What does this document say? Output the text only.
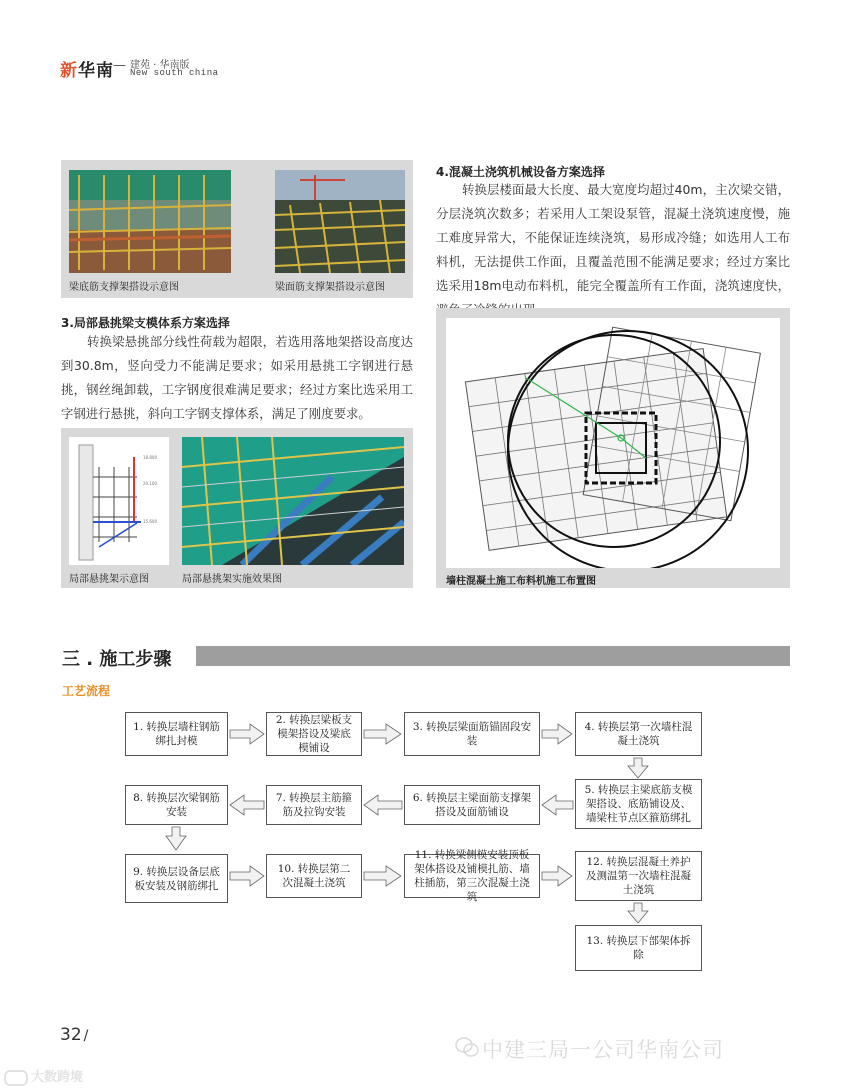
新华南 — 建苑 · 华南版
New south china
梁底筋支撑架搭设示意图	梁面筋支撑架搭设示意图
3.局部悬挑梁支模体系方案选择
转换梁悬挑部分线性荷载为超限，若选用落地架搭设高度达到30.8m，竖向受力不能满足要求；如采用悬挑工字钢进行悬挑，钢丝绳卸载，工字钢度很难满足要求；经过方案比选采用工字钢进行悬挑，斜向工字钢支撑体系，满足了刚度要求。
18.800
20.100
15.600
局部悬挑架示意图	局部悬挑架实施效果图
4.混凝土浇筑机械设备方案选择
转换层楼面最大长度、最大宽度均超过40m，主次梁交错，分层浇筑次数多；若采用人工架设泵管，混凝土浇筑速度慢，施工难度异常大，不能保证连续浇筑，易形成冷缝；如选用人工布料机，无法提供工作面，且覆盖范围不能满足要求；经过方案比选采用18m电动布料机，能完全覆盖所有工作面，浇筑速度快，
墙柱混凝土施工布料机施工布置图
三 . 施工步骤
工艺流程
1. 转换层墙柱钢筋绑扎封模
2. 转换层梁板支模架搭设及梁底模铺设
3. 转换层梁面筋锚固段安装
4. 转换层第一次墙柱混凝土浇筑
5. 转换层主梁底筋支模架搭设、底筋铺设及、墙梁柱节点区箍筋绑扎
6. 转换层主梁面筋支撑架搭设及面筋铺设
7. 转换层主筋箍筋及拉钩安装
8. 转换层次梁钢筋安装
9. 转换层设备层底板安装及钢筋绑扎
10. 转换层第二次混凝土浇筑
11. 转换梁侧模安装顶板架体搭设及铺模扎筋、墙柱插筋，第三次混凝土浇筑
12. 转换层混凝土养护及测温第一次墙柱混凝土浇筑
13. 转换层下部架体拆除
32 /
中建三局一公司华南公司
大数跨境
